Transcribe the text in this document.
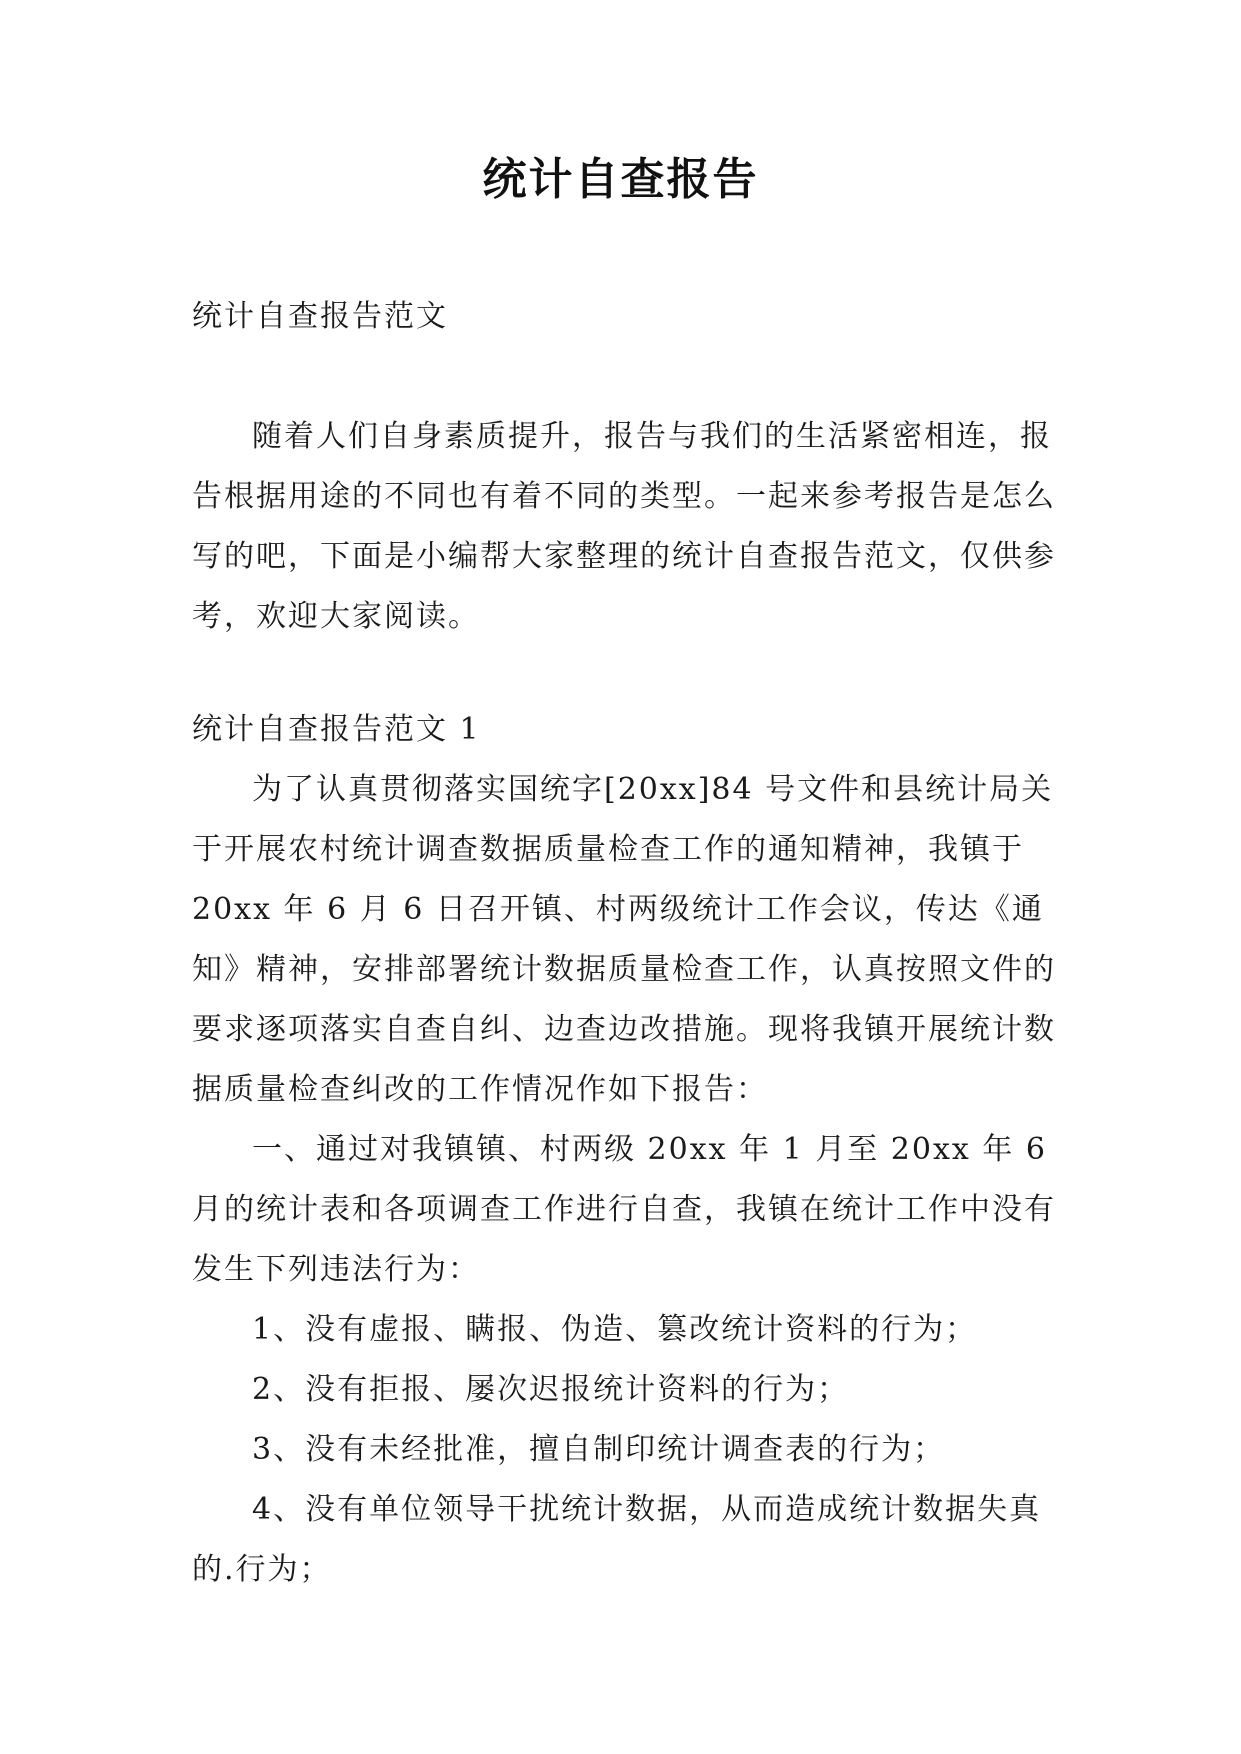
统计自查报告
统计自查报告范文

随着人们自身素质提升，报告与我们的生活紧密相连，报告根据用途的不同也有着不同的类型。一起来参考报告是怎么写的吧，下面是小编帮大家整理的统计自查报告范文，仅供参考，欢迎大家阅读。

统计自查报告范文 1

为了认真贯彻落实国统字[20xx]84 号文件和县统计局关于开展农村统计调查数据质量检查工作的通知精神，我镇于 20xx 年 6 月 6 日召开镇、村两级统计工作会议，传达《通知》精神，安排部署统计数据质量检查工作，认真按照文件的要求逐项落实自查自纠、边查边改措施。现将我镇开展统计数据质量检查纠改的工作情况作如下报告：

一、通过对我镇镇、村两级 20xx 年 1 月至 20xx 年 6 月的统计表和各项调查工作进行自查，我镇在统计工作中没有发生下列违法行为：

1、没有虚报、瞒报、伪造、篡改统计资料的行为；

2、没有拒报、屡次迟报统计资料的行为；

3、没有未经批准，擅自制印统计调查表的行为；

4、没有单位领导干扰统计数据，从而造成统计数据失真的.行为；
